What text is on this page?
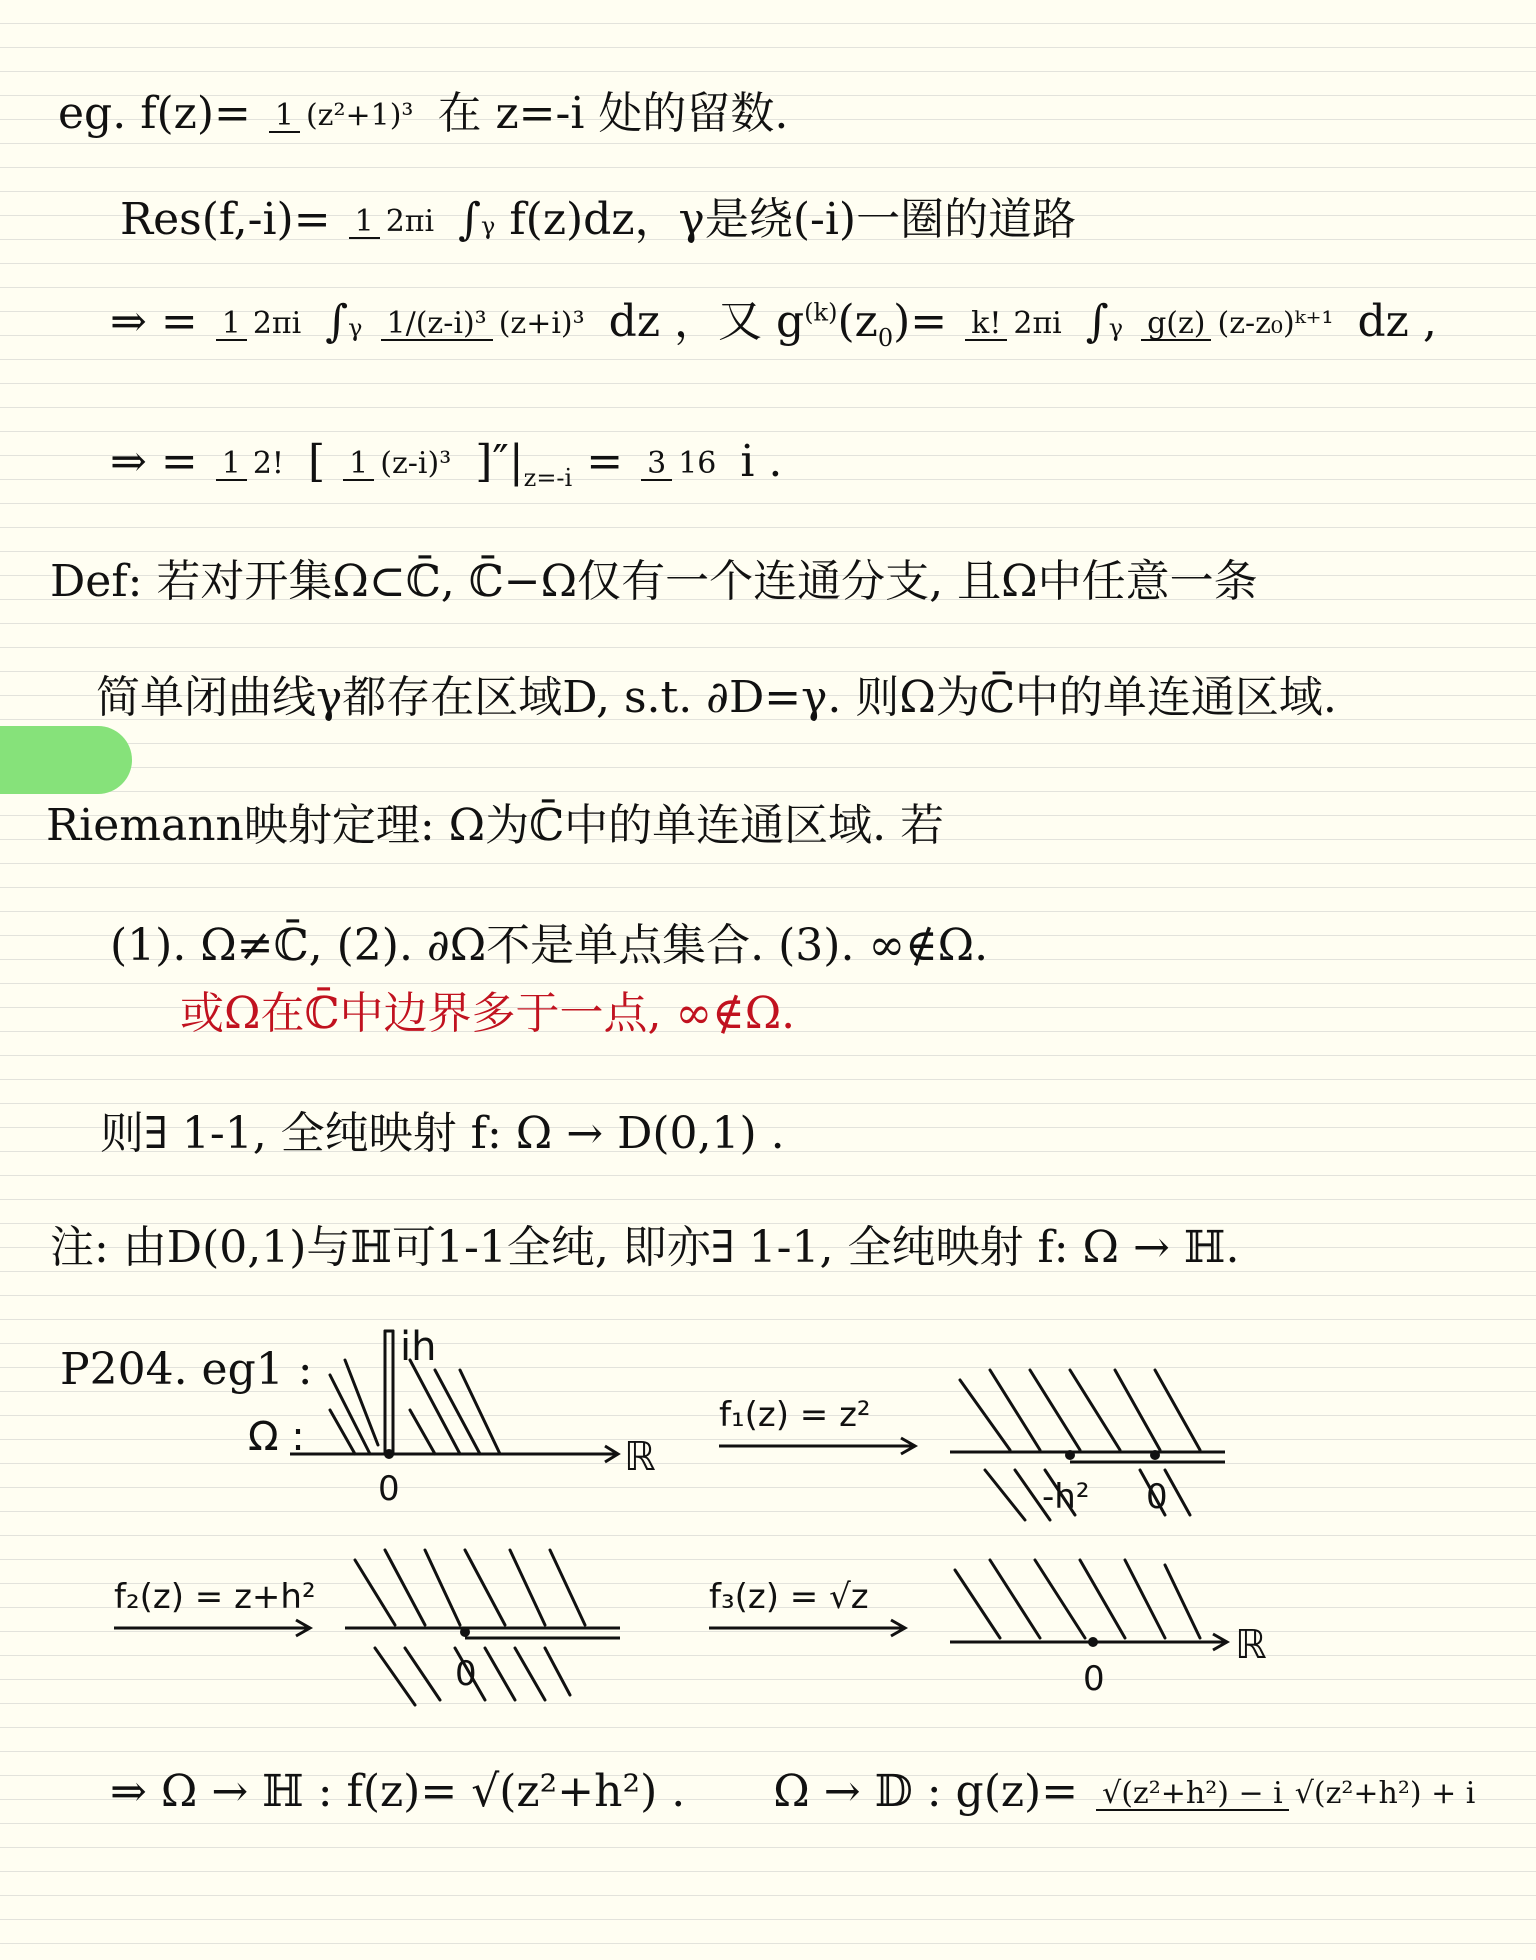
eg. f(z)= 1 (z²+1)³ 在 z=-i 处的留数.
Res(f,-i)= 1 2πi ∫γ f(z)dz，γ是绕(-i)一圈的道路
⇒ = 1 2πi ∫γ 1/(z-i)³ (z+i)³ dz ，又 $g^{(k)}(z_0)= k$! 2πi ∫γ g(z) (z-z₀)ᵏ⁺¹ dz ,
⇒ = 1 2! [ 1 (z-i)³ ]$''|_{z=-i} = 3$ 16 i .
Def: 若对开集Ω⊂ℂ̄, ℂ̄−Ω仅有一个连通分支, 且Ω中任意一条
简单闭曲线γ都存在区域D, s.t. ∂D=γ. 则Ω为ℂ̄中的单连通区域.
Riemann映射定理: Ω为ℂ̄中的单连通区域. 若
(1). Ω≠ℂ̄, (2). ∂Ω不是单点集合. (3). ∞∉Ω.
或Ω在ℂ̄中边界多于一点, ∞∉Ω.
则∃ 1-1, 全纯映射 f: Ω → D(0,1) .
注: 由D(0,1)与ℍ可1-1全纯, 即亦∃ 1-1, 全纯映射 f: Ω → ℍ.
P204. eg1 :
Ω :
ih
ℝ
0
f₁(z) = z²
-h² 0
f₂(z) = z+h²
0
f₃(z) = √z
ℝ
0
⇒ Ω → ℍ : f(z)= √(z²+h²) . Ω → 𝔻 : g(z)= √(z²+h²) − i √(z²+h²) + i
